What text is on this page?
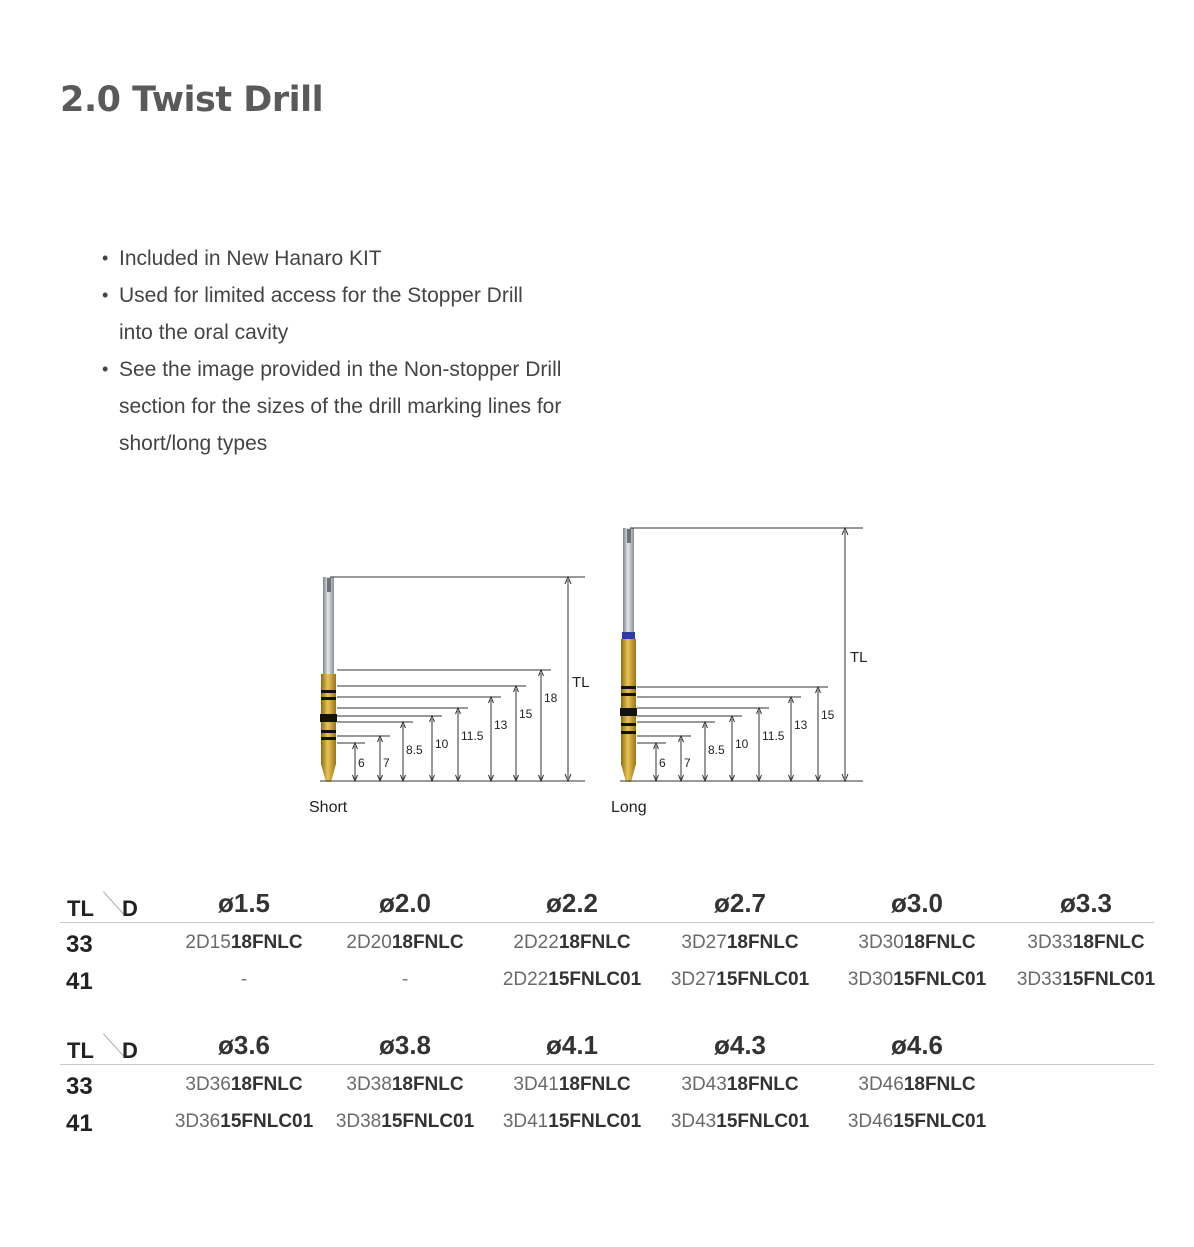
2.0 Twist Drill
• Included in New Hanaro KIT
• Used for limited access for the Stopper Drill
into the oral cavity
• See the image provided in the Non-stopper Drill
section for the sizes of the drill marking lines for
short/long types
TL
Short
TL
Long
6 7
8.5 10
11.5
13
15
18
6 7
8.5 10
11.5
13
15
TL D	ø1.5	ø2.0	ø2.2	ø2.7	ø3.0	ø3.3
33	2D1518FNLC	2D2018FNLC	2D2218FNLC	3D2718FNLC	3D3018FNLC	3D3318FNLC
41	-	-	2D2215FNLC01	3D2715FNLC01	3D3015FNLC01	3D3315FNLC01
TL D	ø3.6	ø3.8	ø4.1	ø4.3	ø4.6
33	3D3618FNLC	3D3818FNLC	3D4118FNLC	3D4318FNLC	3D4618FNLC
41	3D3615FNLC01	3D3815FNLC01	3D4115FNLC01	3D4315FNLC01	3D4615FNLC01
